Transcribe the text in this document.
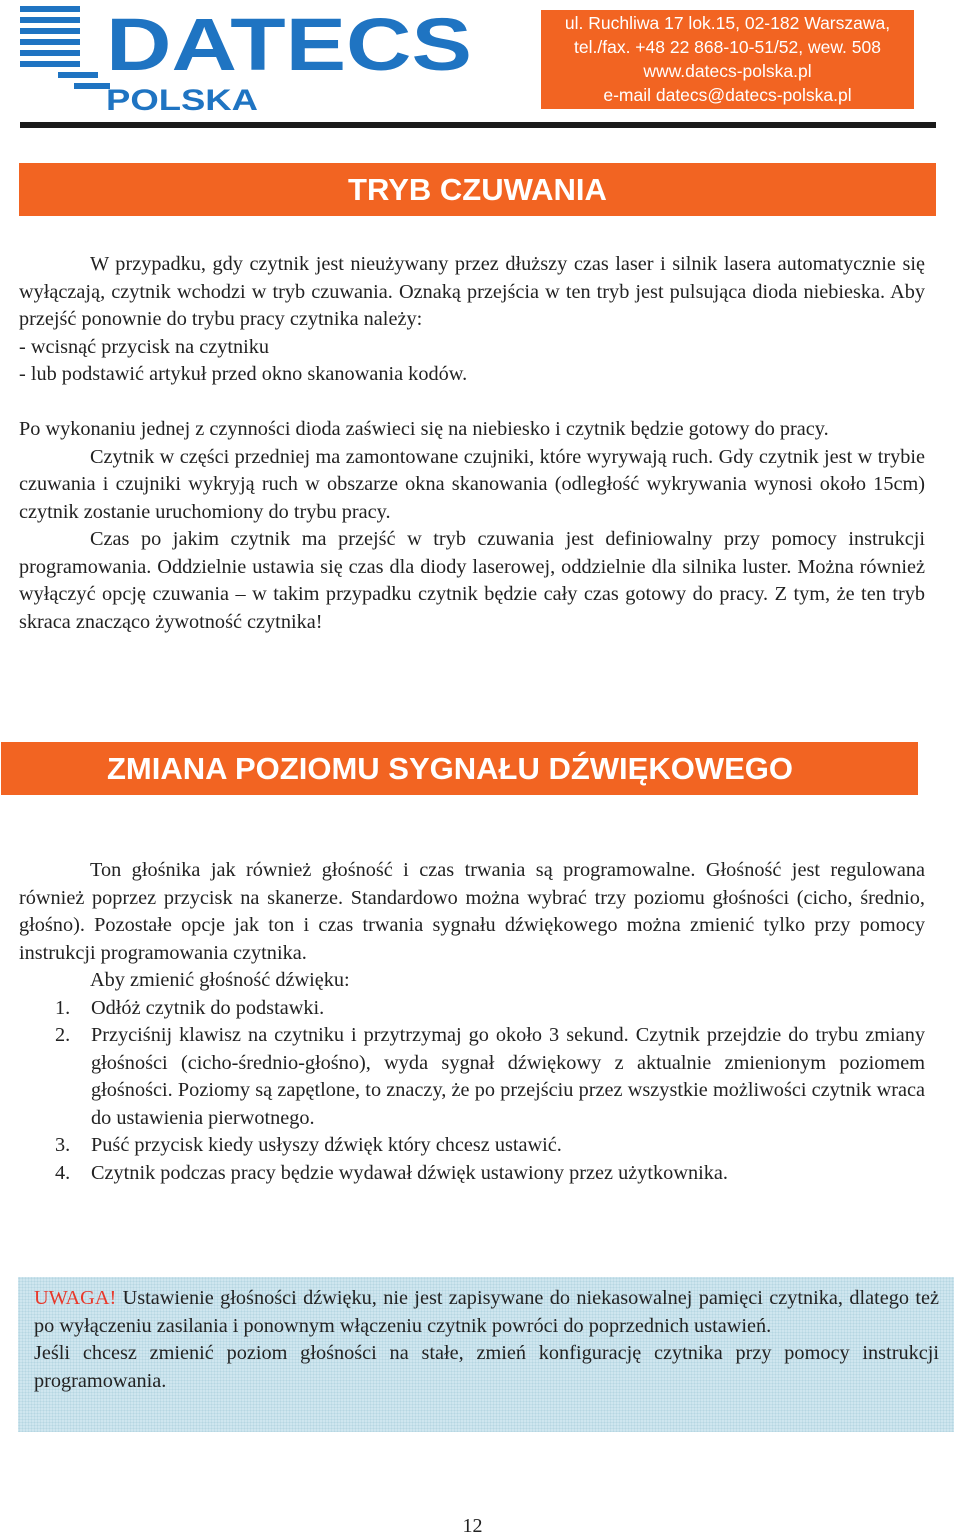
DATECS
POLSKA
ul. Ruchliwa 17 lok.15, 02-182 Warszawa,
tel./fax. +48 22 868-10-51/52, wew. 508
www.datecs-polska.pl
e-mail datecs@datecs-polska.pl
TRYB CZUWANIA

W przypadku, gdy czytnik jest nieużywany przez dłuższy czas laser i silnik lasera automatycznie się wyłączają, czytnik wchodzi w tryb czuwania. Oznaką przejścia w ten tryb jest pulsująca dioda niebieska. Aby przejść ponownie do trybu pracy czytnika należy:

- wcisnąć przycisk na czytniku

- lub podstawić artykuł przed okno skanowania kodów.

Po wykonaniu jednej z czynności dioda zaświeci się na niebiesko i czytnik będzie gotowy do pracy.

Czytnik w części przedniej ma zamontowane czujniki, które wyrywają ruch. Gdy czytnik jest w trybie czuwania i czujniki wykryją ruch w obszarze okna skanowania (odległość wykrywania wynosi około 15cm) czytnik zostanie uruchomiony do trybu pracy.

Czas po jakim czytnik ma przejść w tryb czuwania jest definiowalny przy pomocy instrukcji programowania. Oddzielnie ustawia się czas dla diody laserowej, oddzielnie dla silnika luster. Można również wyłączyć opcję czuwania – w takim przypadku czytnik będzie cały czas gotowy do pracy. Z tym, że ten tryb skraca znacząco żywotność czytnika!

ZMIANA POZIOMU SYGNAŁU DŹWIĘKOWEGO

Ton głośnika jak również głośność i czas trwania są programowalne. Głośność jest regulowana również poprzez przycisk na skanerze. Standardowo można wybrać trzy poziomu głośności (cicho, średnio, głośno). Pozostałe opcje jak ton i czas trwania sygnału dźwiękowego można zmienić tylko przy pomocy instrukcji programowania czytnika.

Aby zmienić głośność dźwięku:

1. Odłóż czytnik do podstawki.
2. Przyciśnij klawisz na czytniku i przytrzymaj go około 3 sekund. Czytnik przejdzie do trybu zmiany głośności (cicho-średnio-głośno), wyda sygnał dźwiękowy z aktualnie zmienionym poziomem głośności. Poziomy są zapętlone, to znaczy, że po przejściu przez wszystkie możliwości czytnik wraca do ustawienia pierwotnego.
3. Puść przycisk kiedy usłyszy dźwięk który chcesz ustawić.
4. Czytnik podczas pracy będzie wydawał dźwięk ustawiony przez użytkownika.

UWAGA! Ustawienie głośności dźwięku, nie jest zapisywane do niekasowalnej pamięci czytnika, dlatego też po wyłączeniu zasilania i ponownym włączeniu czytnik powróci do poprzednich ustawień.

Jeśli chcesz zmienić poziom głośności na stałe, zmień konfigurację czytnika przy pomocy instrukcji programowania.

12
